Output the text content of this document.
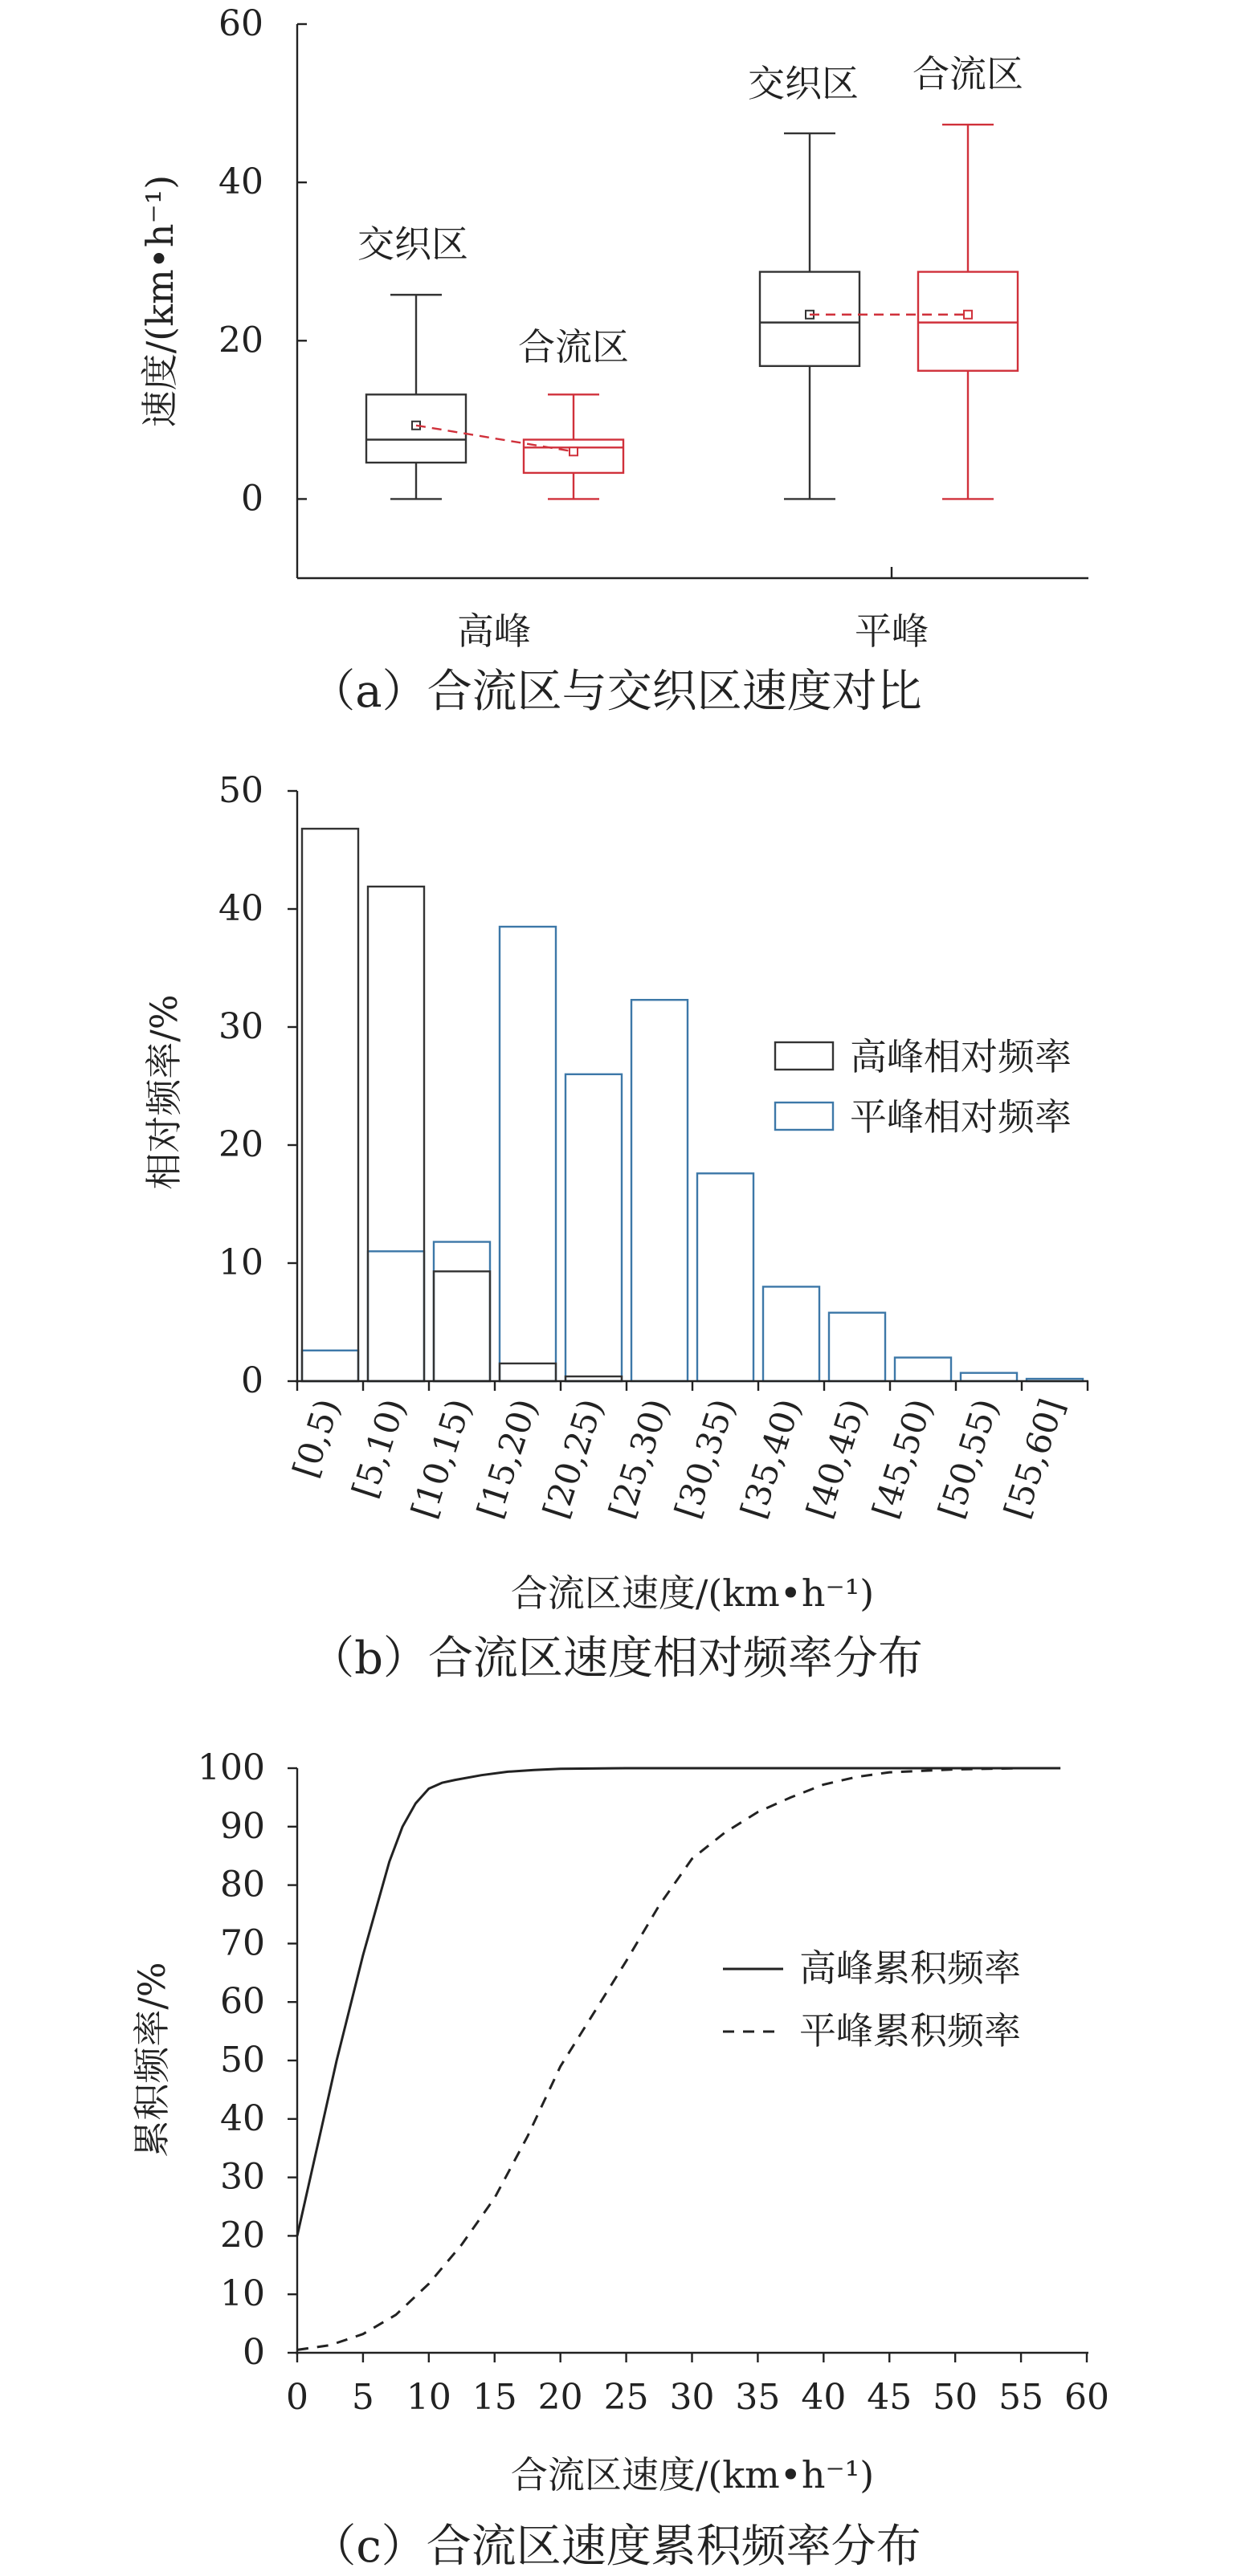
0
20
40
60
高峰	平峰
交织区
交织区
合流区
合流区
速度/(km•h⁻¹)
0
10
20
30
40
50
[0,5)
[5,10)
[10,15)
[15,20)
[20,25)
[25,30)
[30,35)
[35,40)
[40,45)
[45,50)
[50,55)
[55,60]
相对频率/%
合流区速度/(km•h⁻¹)
高峰相对频率
平峰相对频率
0
10
20
30
40
50
60
70
80
90
100
0 5 10 15 20 25 30 35 40 45 50 55 60
累积频率/%
合流区速度/(km•h⁻¹)
高峰累积频率
平峰累积频率
（a）合流区与交织区速度对比
（b）合流区速度相对频率分布
（c）合流区速度累积频率分布
